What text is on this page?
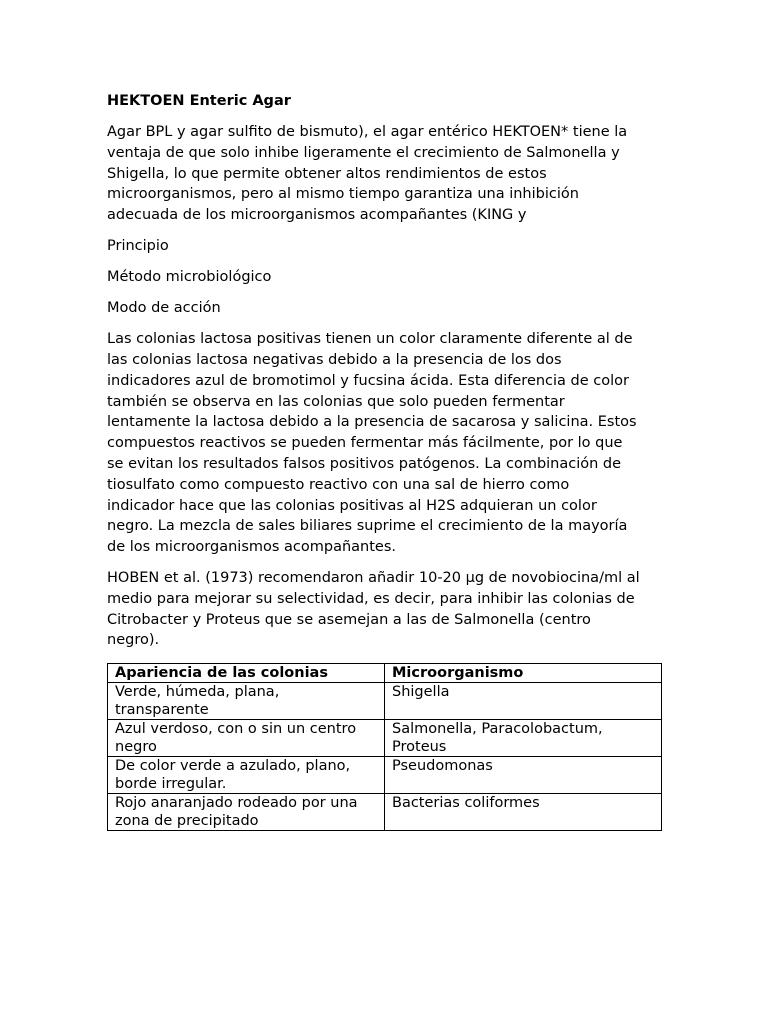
HEKTOEN Enteric Agar
Agar BPL y agar sulfito de bismuto), el agar entérico HEKTOEN* tiene la
ventaja de que solo inhibe ligeramente el crecimiento de Salmonella y
Shigella, lo que permite obtener altos rendimientos de estos
microorganismos, pero al mismo tiempo garantiza una inhibición
adecuada de los microorganismos acompañantes (KING y
Principio
Método microbiológico
Modo de acción
Las colonias lactosa positivas tienen un color claramente diferente al de
las colonias lactosa negativas debido a la presencia de los dos
indicadores azul de bromotimol y fucsina ácida. Esta diferencia de color
también se observa en las colonias que solo pueden fermentar
lentamente la lactosa debido a la presencia de sacarosa y salicina. Estos
compuestos reactivos se pueden fermentar más fácilmente, por lo que
se evitan los resultados falsos positivos patógenos. La combinación de
tiosulfato como compuesto reactivo con una sal de hierro como
indicador hace que las colonias positivas al H2S adquieran un color
negro. La mezcla de sales biliares suprime el crecimiento de la mayoría
de los microorganismos acompañantes.
HOBEN et al. (1973) recomendaron añadir 10-20 µg de novobiocina/ml al
medio para mejorar su selectividad, es decir, para inhibir las colonias de
Citrobacter y Proteus que se asemejan a las de Salmonella (centro
negro).
Apariencia de las colonias	Microorganismo

Verde, húmeda, plana,
transparente	Shigella

Azul verdoso, con o sin un centro
negro	Salmonella, Paracolobactum,
Proteus

De color verde a azulado, plano,
borde irregular.	Pseudomonas

Rojo anaranjado rodeado por una
zona de precipitado	Bacterias coliformes
